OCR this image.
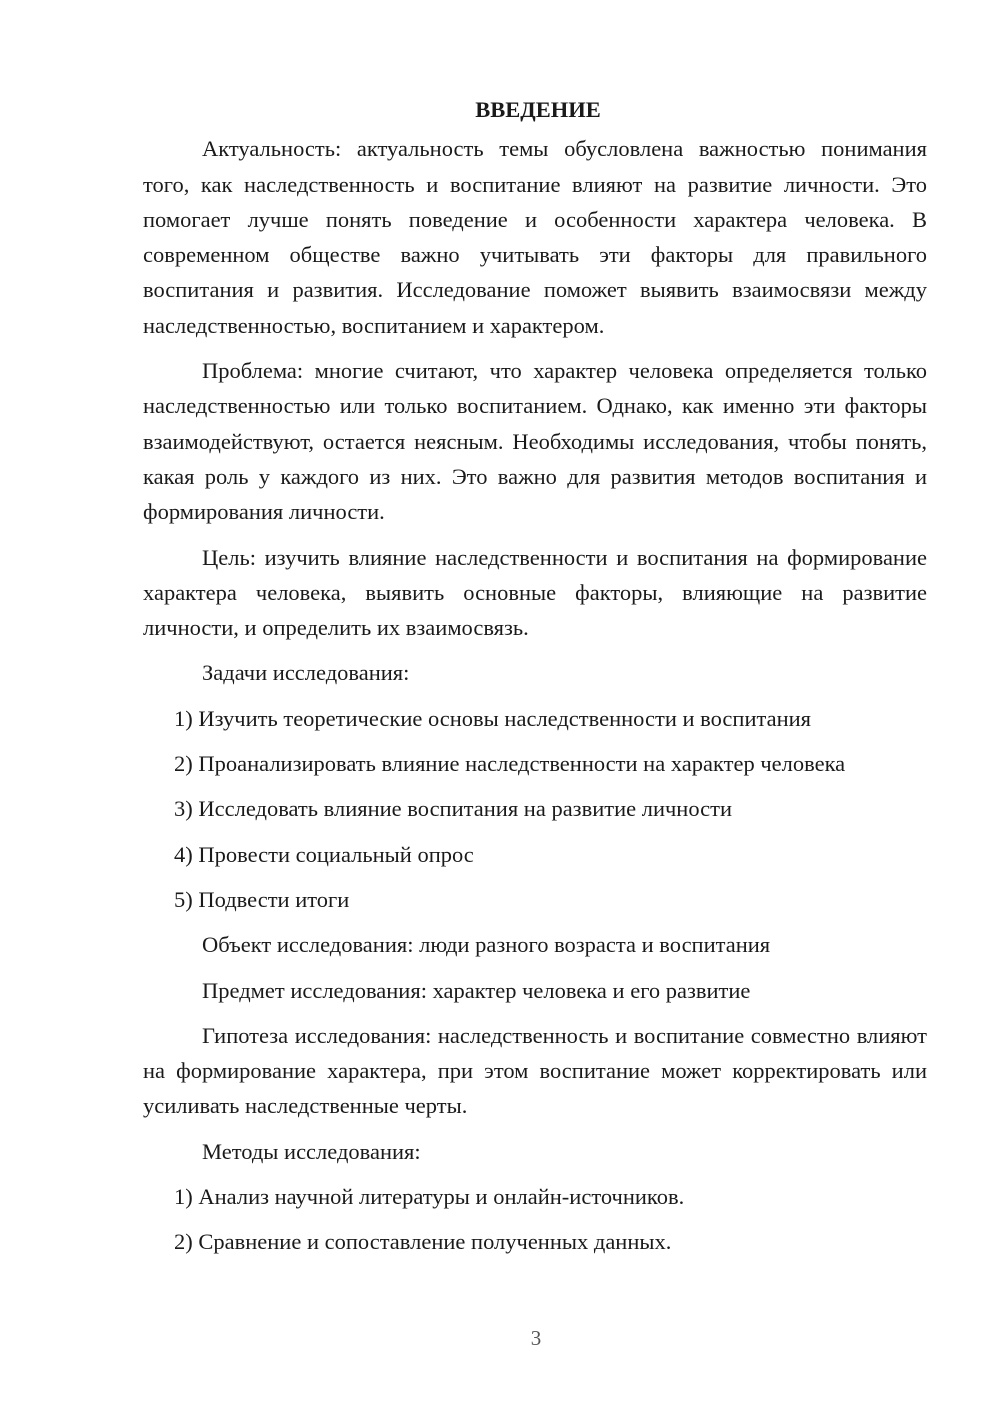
ВВЕДЕНИЕ

Актуальность: актуальность темы обусловлена важностью понимания того, как наследственность и воспитание влияют на развитие личности. Это помогает лучше понять поведение и особенности характера человека. В современном обществе важно учитывать эти факторы для правильного воспитания и развития. Исследование поможет выявить взаимосвязи между наследственностью, воспитанием и характером.

Проблема: многие считают, что характер человека определяется только наследственностью или только воспитанием. Однако, как именно эти факторы взаимодействуют, остается неясным. Необходимы исследования, чтобы понять, какая роль у каждого из них. Это важно для развития методов воспитания и формирования личности.

Цель: изучить влияние наследственности и воспитания на формирование характера человека, выявить основные факторы, влияющие на развитие личности, и определить их взаимосвязь.

Задачи исследования:
1) Изучить теоретические основы наследственности и воспитания
2) Проанализировать влияние наследственности на характер человека
3) Исследовать влияние воспитания на развитие личности
4) Провести социальный опрос
5) Подвести итоги
Объект исследования: люди разного возраста и воспитания
Предмет исследования: характер человека и его развитие

Гипотеза исследования: наследственность и воспитание совместно влияют на формирование характера, при этом воспитание может корректировать или усиливать наследственные черты.

Методы исследования:
1) Анализ научной литературы и онлайн-источников.
2) Сравнение и сопоставление полученных данных.
3
